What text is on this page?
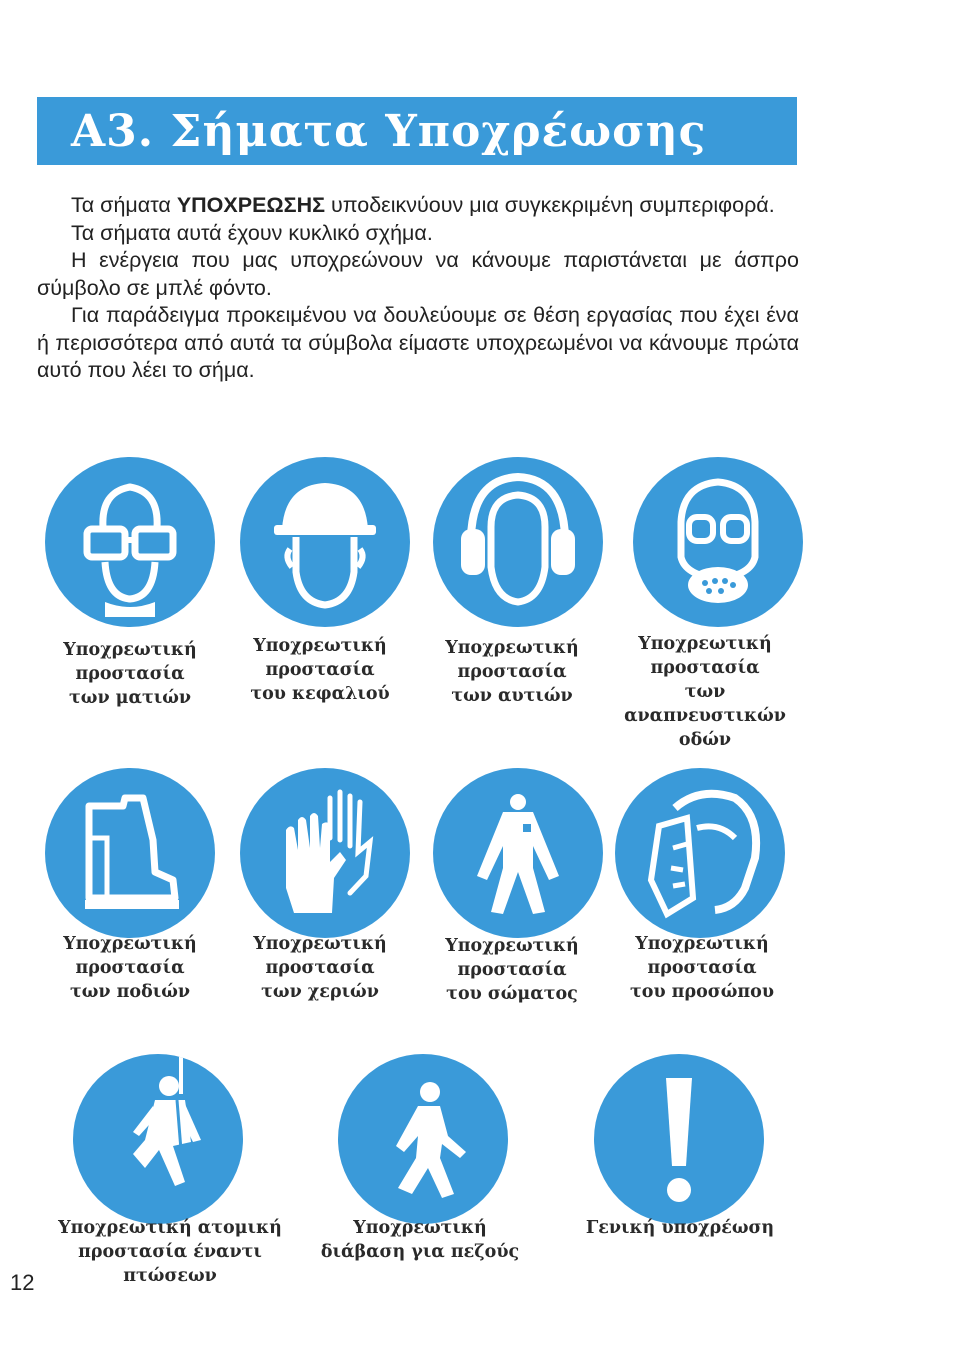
A3. Σήματα Υποχρέωσης

Τα σήματα ΥΠΟΧΡΕΩΣΗΣ υποδεικνύουν μια συγκεκριμένη συμπεριφορά.

Τα σήματα αυτά έχουν κυκλικό σχήμα.

Η ενέργεια που μας υποχρεώνουν να κάνουμε παριστάνεται με άσπρο σύμβολο σε μπλέ φόντο.

Για παράδειγμα προκειμένου να δουλεύουμε σε θέση εργασίας που έχει ένα ή περισσότερα από αυτά τα σύμβολα είμαστε υποχρεωμένοι να κάνουμε πρώτα αυτό που λέει το σήμα.

Υποχρεωτική
προστασία
των ματιών
Υποχρεωτική
προστασία
του κεφαλιού
Υποχρεωτική
προστασία
των αυτιών
Υποχρεωτική
προστασία
των αναπνευστικών
οδών
Υποχρεωτική
προστασία
των ποδιών
Υποχρεωτική
προστασία
των χεριών
Υποχρεωτική
προστασία
του σώματος
Υποχρεωτική
προστασία
του προσώπου
Υποχρεωτική ατομική
προστασία έναντι πτώσεων
Υποχρεωτική
διάβαση για πεζούς
Γενική υποχρέωση
12
